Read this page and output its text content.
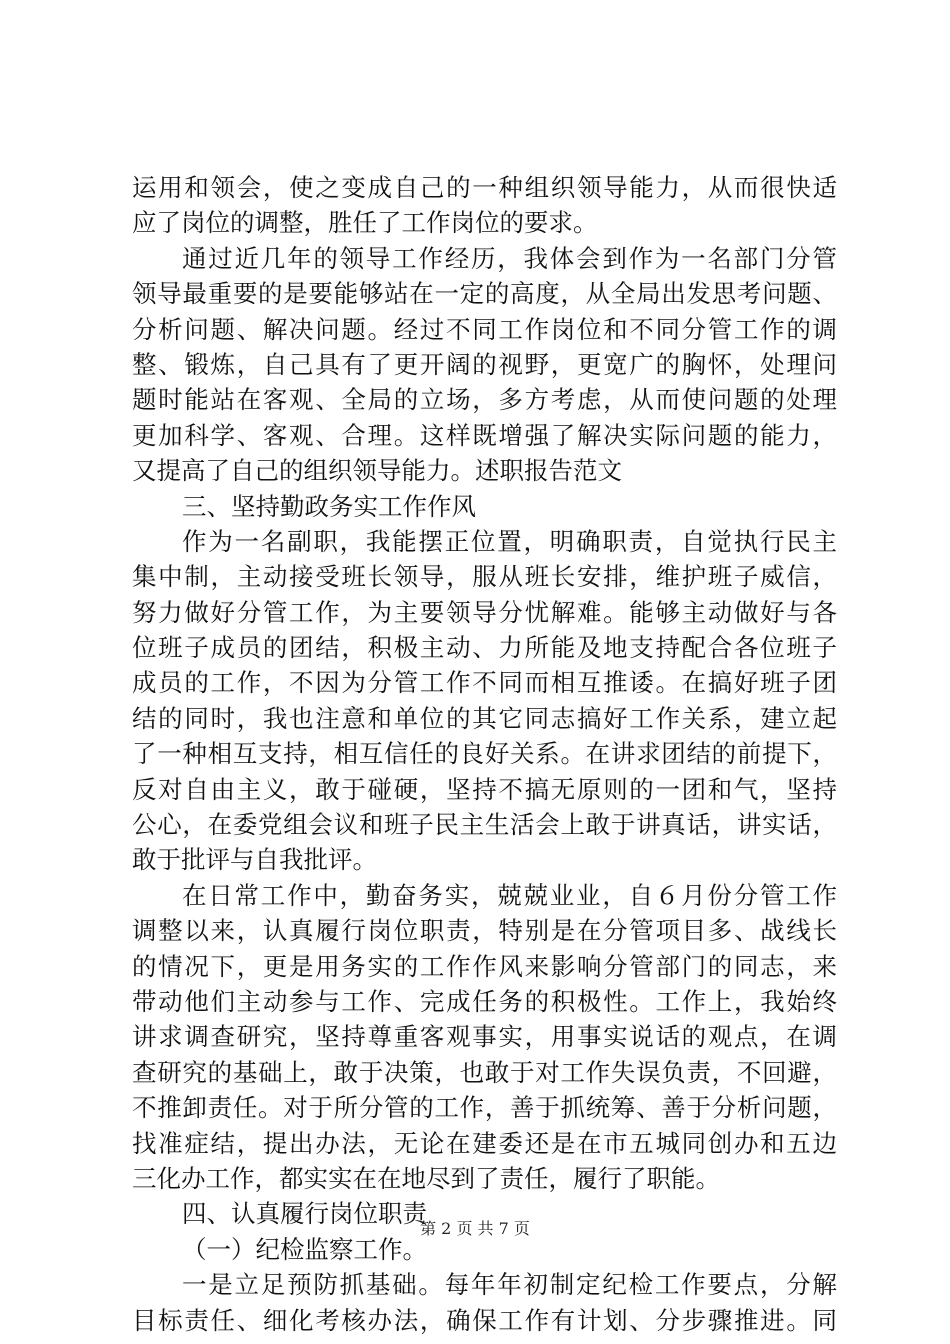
运用和领会，使之变成自己的一种组织领导能力，从而很快适
应了岗位的调整，胜任了工作岗位的要求。
通过近几年的领导工作经历，我体会到作为一名部门分管
领导最重要的是要能够站在一定的高度，从全局出发思考问题、
分析问题、解决问题。经过不同工作岗位和不同分管工作的调
整、锻炼，自己具有了更开阔的视野，更宽广的胸怀，处理问
题时能站在客观、全局的立场，多方考虑，从而使问题的处理
更加科学、客观、合理。这样既增强了解决实际问题的能力，
又提高了自己的组织领导能力。述职报告范文
三、坚持勤政务实工作作风
作为一名副职，我能摆正位置，明确职责，自觉执行民主
集中制，主动接受班长领导，服从班长安排，维护班子威信，
努力做好分管工作，为主要领导分忧解难。能够主动做好与各
位班子成员的团结，积极主动、力所能及地支持配合各位班子
成员的工作，不因为分管工作不同而相互推诿。在搞好班子团
结的同时，我也注意和单位的其它同志搞好工作关系，建立起
了一种相互支持，相互信任的良好关系。在讲求团结的前提下，
反对自由主义，敢于碰硬，坚持不搞无原则的一团和气，坚持
公心，在委党组会议和班子民主生活会上敢于讲真话，讲实话，
敢于批评与自我批评。
在日常工作中，勤奋务实，兢兢业业，自６月份分管工作
调整以来，认真履行岗位职责，特别是在分管项目多、战线长
的情况下，更是用务实的工作作风来影响分管部门的同志，来
带动他们主动参与工作、完成任务的积极性。工作上，我始终
讲求调查研究，坚持尊重客观事实，用事实说话的观点，在调
查研究的基础上，敢于决策，也敢于对工作失误负责，不回避，
不推卸责任。对于所分管的工作，善于抓统筹、善于分析问题，
找准症结，提出办法，无论在建委还是在市五城同创办和五边
三化办工作，都实实在在地尽到了责任，履行了职能。
四、认真履行岗位职责
（一）纪检监察工作。
一是立足预防抓基础。每年年初制定纪检工作要点，分解
目标责任、细化考核办法，确保工作有计划、分步骤推进。同
第 2 页 共 7 页
